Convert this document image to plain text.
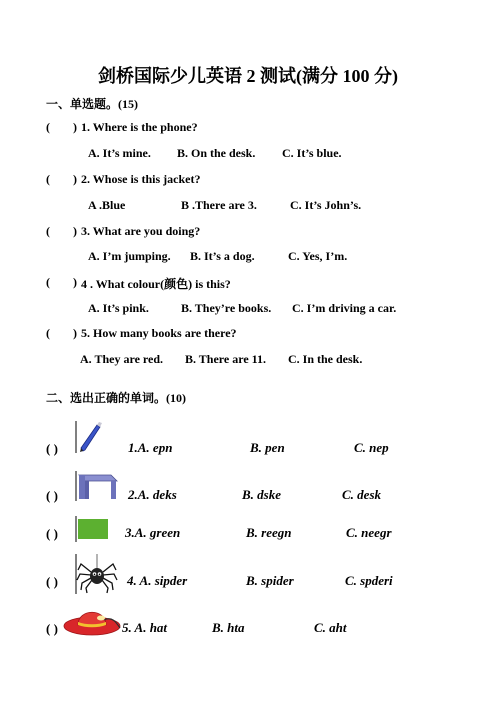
剑桥国际少儿英语 2 测试(满分 100 分)
一、单选题。(15)
( ) 1. Where is the phone?
A. It’s mine. B. On the desk. C. It’s blue.
( ) 2. Whose is this jacket?
A .Blue	B .There are 3.	C. It’s John’s.
( ) 3. What are you doing?
A. I’m jumping. B. It’s a dog.	C. Yes, I’m.
( ) 4 . What colour(颜色) is this?
A. It’s pink.	B. They’re books. C. I’m driving a car.
( ) 5. How many books are there?
A. They are red. B. There are 11. C. In the desk.
二、选出正确的单词。(10)
( )	1.A. epn	B. pen	C. nep
( )	2.A. deks	B. dske	C. desk
( )	3.A. green	B. reegn	C. neegr
( )	4. A. sipder	B. spider	C. spderi
( )	5. A. hat	B. hta	C. aht
